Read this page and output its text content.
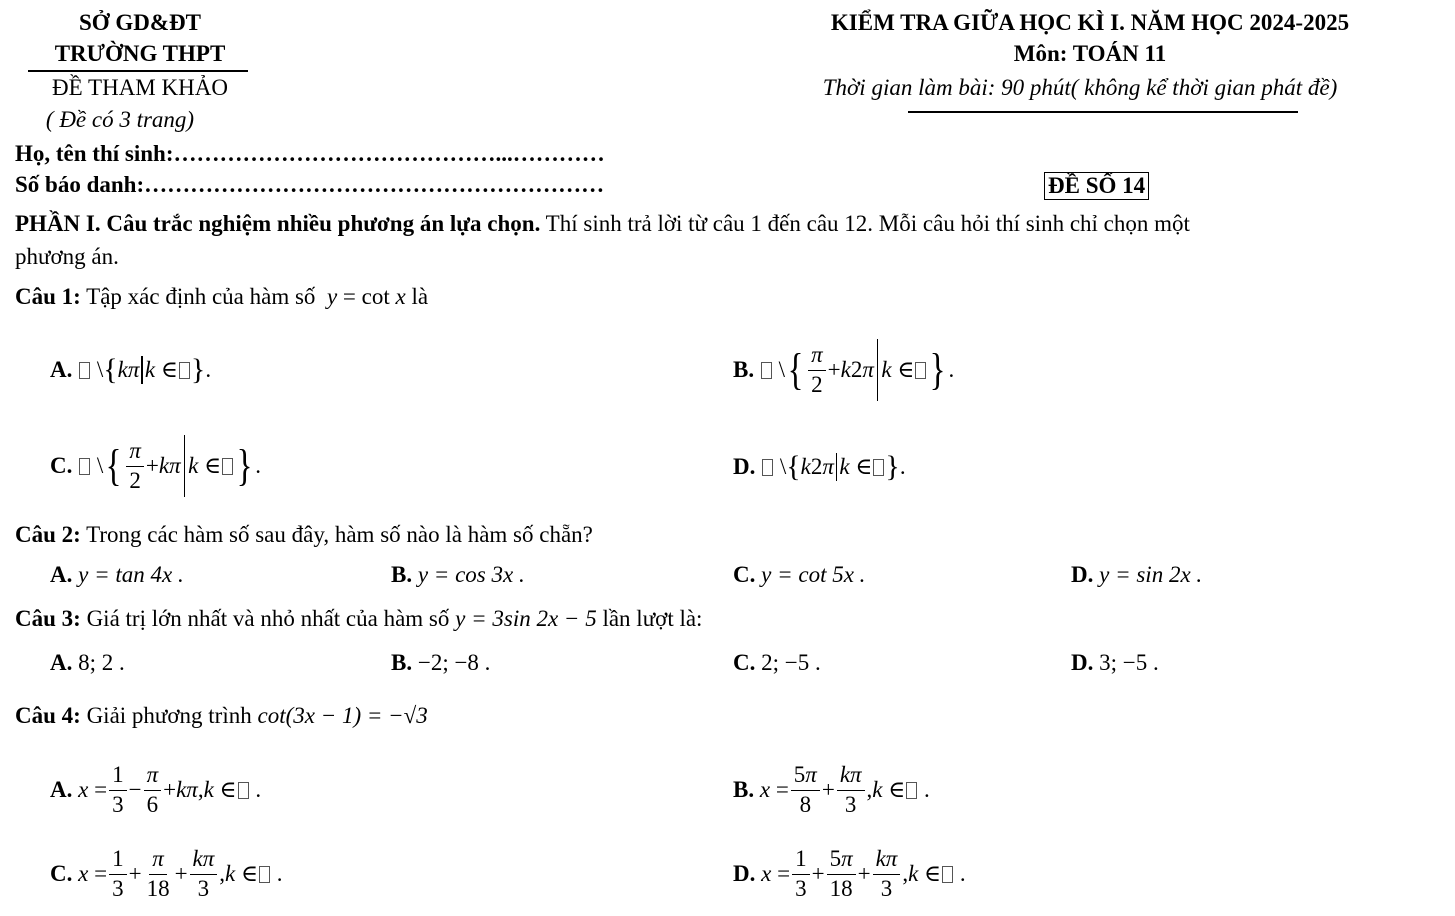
SỞ GD&ĐT
TRƯỜNG THPT
ĐỀ THAM KHẢO
( Đề có 3 trang)
KIỂM TRA GIỮA HỌC KÌ I. NĂM HỌC 2024-2025
Môn: TOÁN 11
Thời gian làm bài: 90 phút( không kể thời gian phát đề)
Họ, tên thí sinh:……………………………………...…………
Số báo danh:……………………………………………………	ĐỀ SỐ 14
PHẦN I. Câu trắc nghiệm nhiều phương án lựa chọn. Thí sinh trả lời từ câu 1 đến câu 12. Mỗi câu hỏi thí sinh chỉ chọn một
phương án.
Câu 1: Tập xác định của hàm số  y = cot x là
A.
\ { kπ k ∈ } .	B.
\ { $\frac{\pi}{2} + k$ 2 π k ∈ } .
C.
\ { $\frac{\pi}{2} + k\pi$ k ∈ } .	D.
\ { k 2 π k ∈ } .
Câu 2: Trong các hàm số sau đây, hàm số nào là hàm số chẵn?
A. y = tan 4x .	B. y = cos 3x .	C. y = cot 5x .	D. y = sin 2x .
Câu 3: Giá trị lớn nhất và nhỏ nhất của hàm số y = 3sin 2x − 5 lần lượt là:
A. 8; 2 .	B. −2; −8 .	C. 2; −5 .	D. 3; −5 .
Câu 4: Giải phương trình cot(3x − 1) = −√3
A.
$x = \frac{1}{3} - \frac{\pi}{6} + k\pi$ , k ∈
.	B.
$x = \frac{5\pi}{8} + \frac{k\pi}{3}$ , k ∈
.
C.
$x = \frac{1}{3} + \frac{\pi}{18} + \frac{k\pi}{3}$ , k ∈
.	D.
$x = \frac{1}{3} + \frac{5\pi}{18} + \frac{k\pi}{3}$ , k ∈
.
